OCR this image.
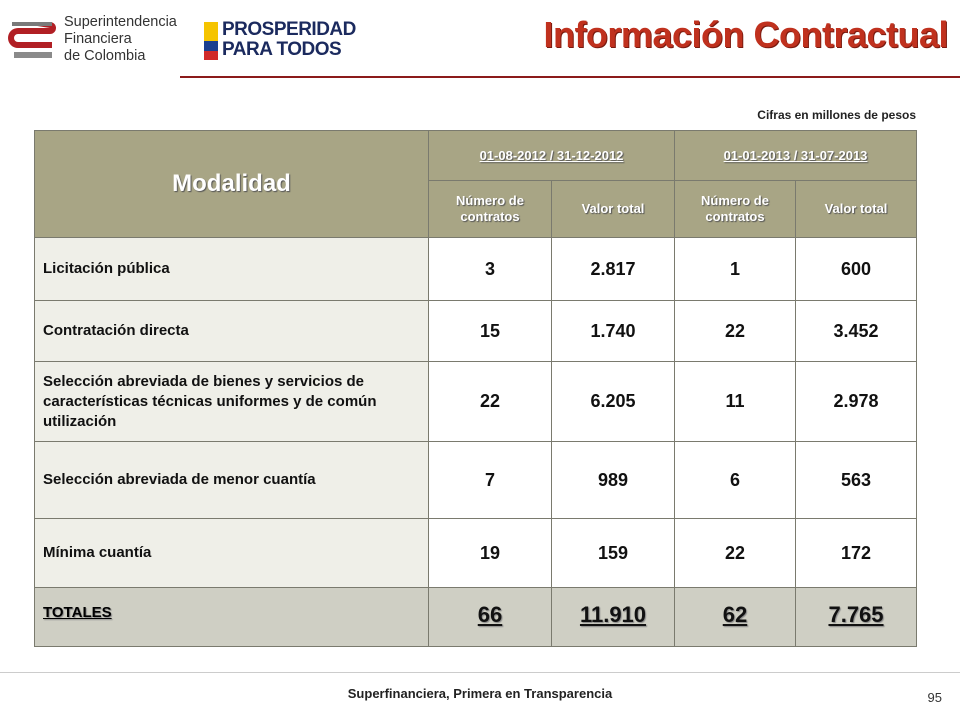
Superintendencia
Financiera
de Colombia
PROSPERIDAD
PARA TODOS	Información Contractual
Cifras en millones de pesos
Modalidad	01-08-2012 / 31-12-2012		01-01-2013 / 31-07-2013	
	Número de contratos	Valor total	Número de contratos	Valor total
Licitación pública	3	2.817	1	600
Contratación directa	15	1.740	22	3.452
Selección abreviada de bienes y servicios de características técnicas uniformes y de común utilización	22	6.205	11	2.978
Selección abreviada de menor cuantía	7	989	6	563
Mínima cuantía	19	159	22	172
TOTALES	66	11.910	62	7.765
Superfinanciera, Primera en Transparencia	95
